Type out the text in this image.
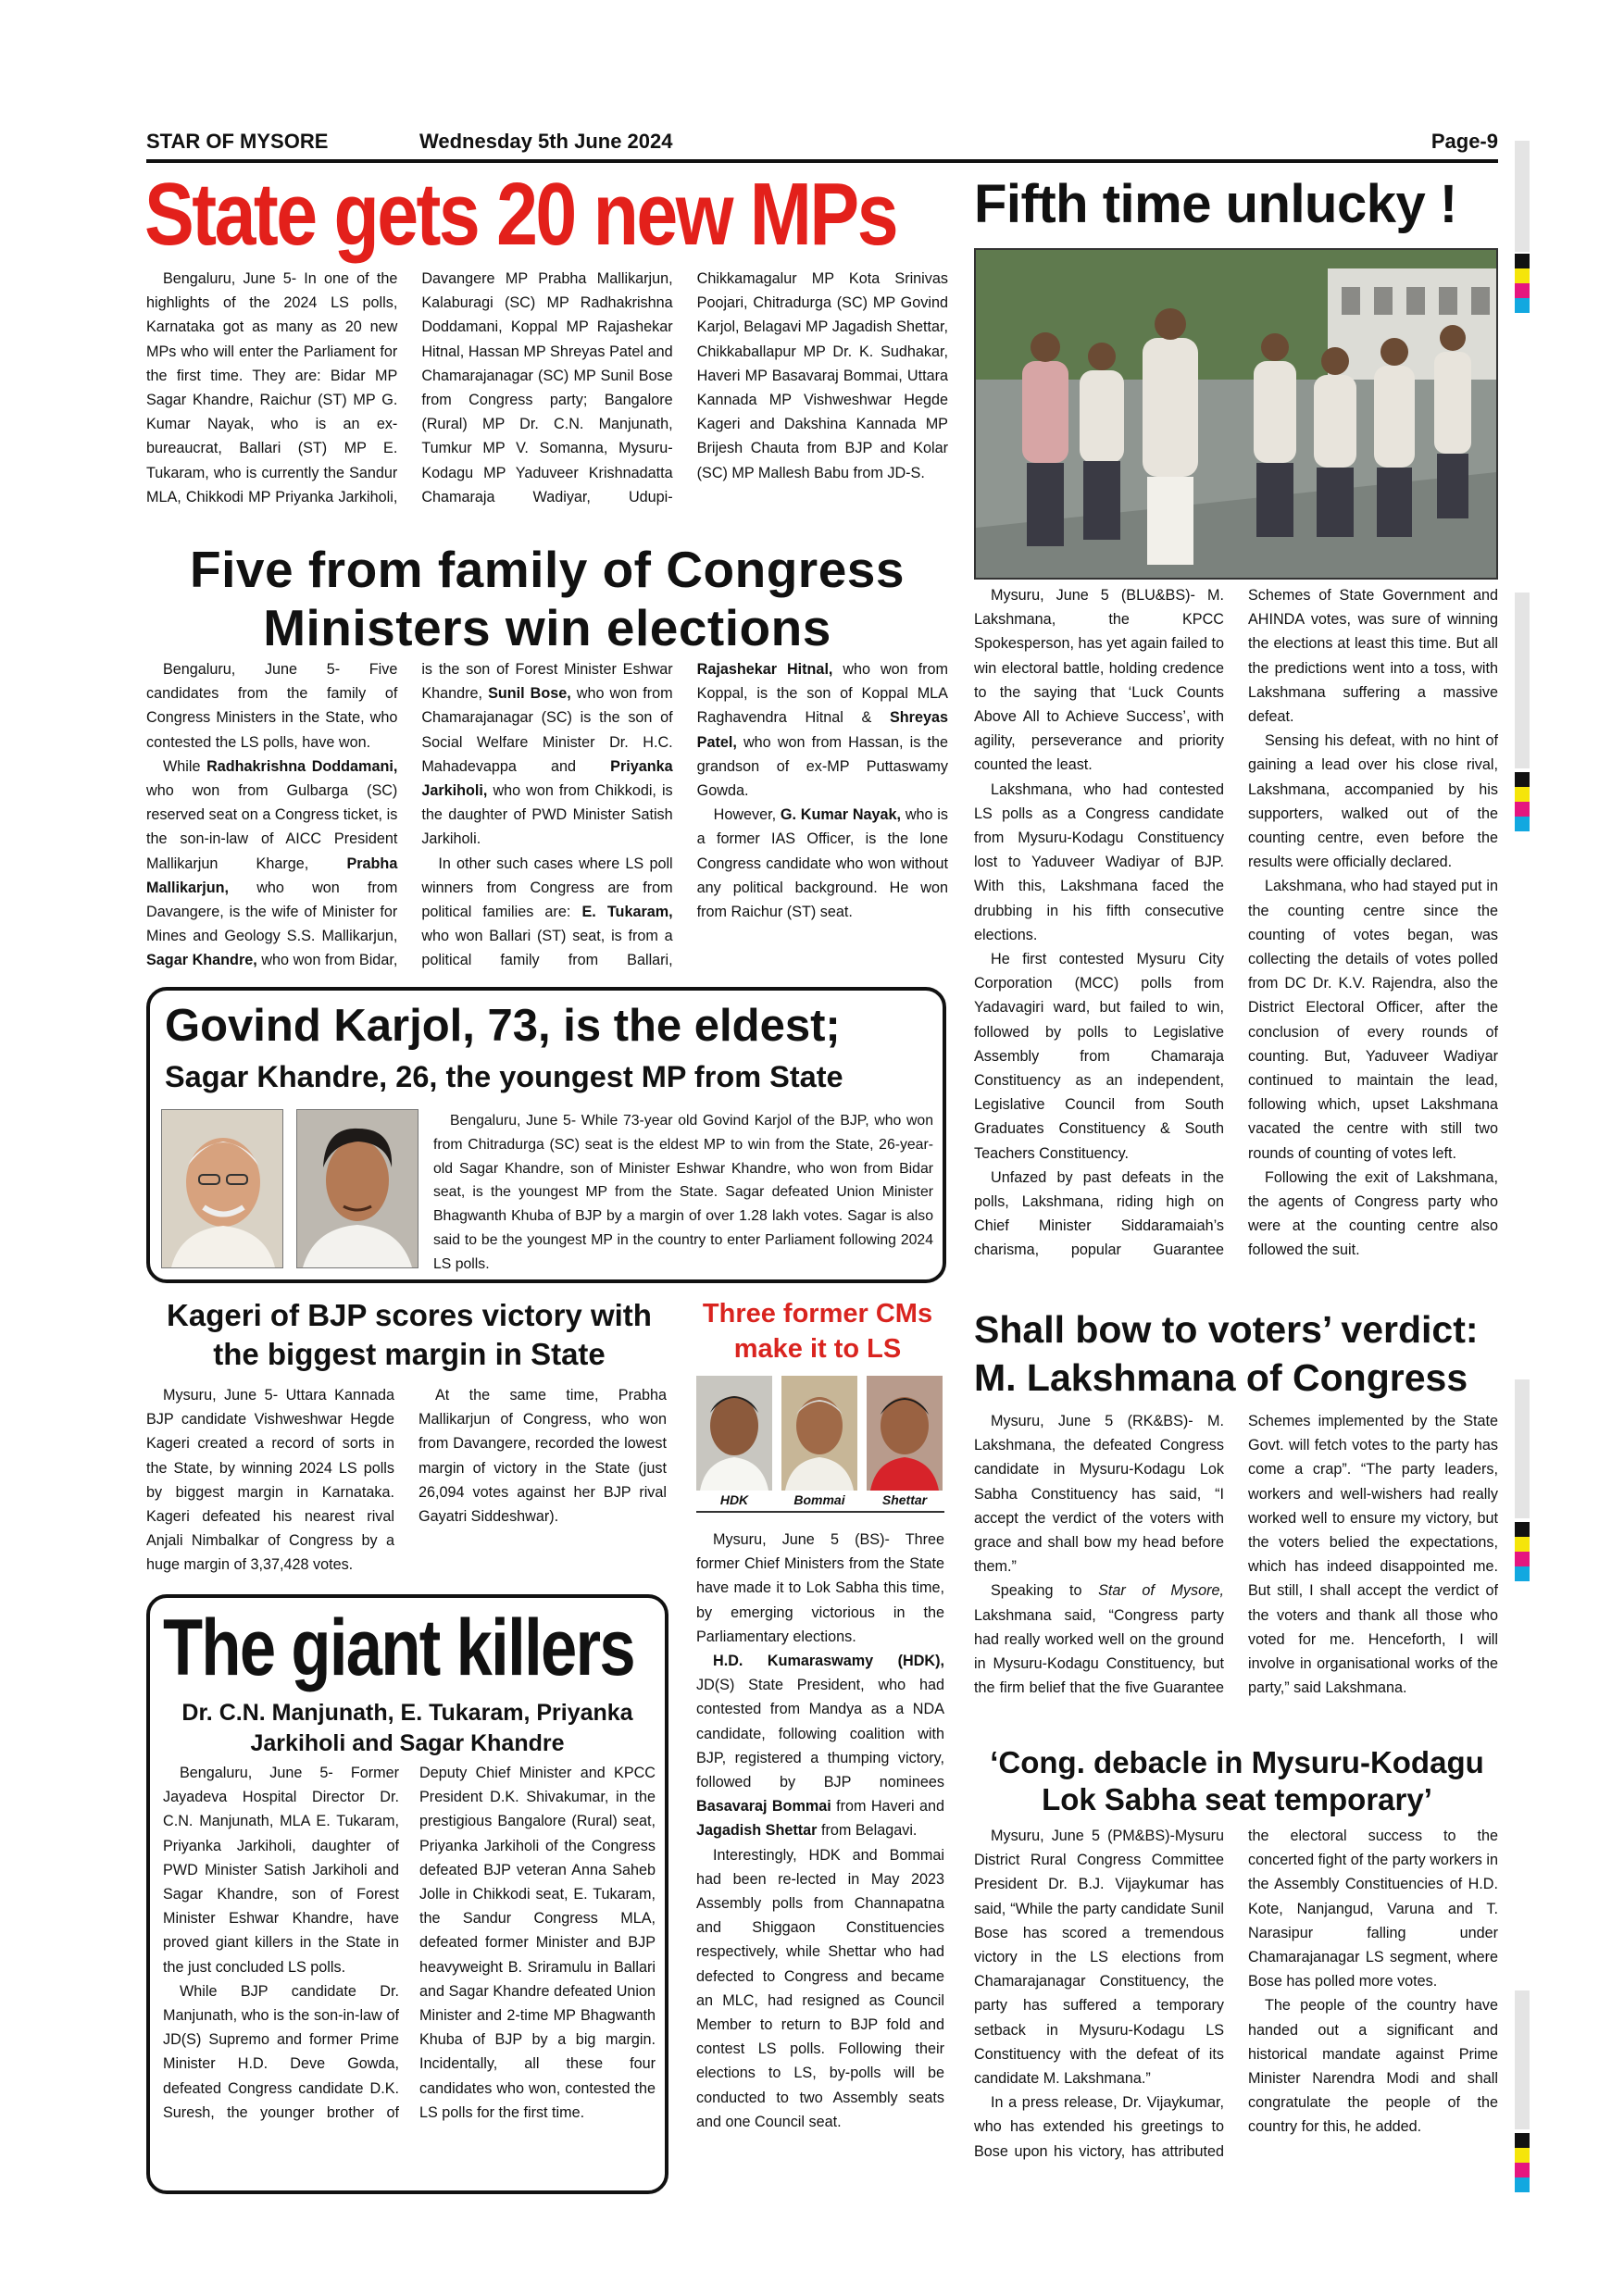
STAR OF MYSORE	Wednesday 5th June 2024	Page-9
State gets 20 new MPs

Bengaluru, June 5- In one of the highlights of the 2024 LS polls, Karnataka got as many as 20 new MPs who will enter the Parliament for the first time. They are: Bidar MP Sagar Khandre, Raichur (ST) MP G. Kumar Nayak, who is an ex-bureaucrat, Ballari (ST) MP E. Tukaram, who is currently the Sandur MLA, Chikkodi MP Priyanka Jarkiholi, Davangere MP Prabha Mallikarjun, Kalaburagi (SC) MP Radhakrishna Doddamani, Koppal MP Rajashekar Hitnal, Hassan MP Shreyas Patel and Chamarajanagar (SC) MP Sunil Bose from Congress party; Bangalore (Rural) MP Dr. C.N. Manjunath, Tumkur MP V. Somanna, Mysuru-Kodagu MP Yaduveer Krishnadatta Chamaraja Wadiyar, Udupi-Chikkamagalur MP Kota Srinivas Poojari, Chitradurga (SC) MP Govind Karjol, Belagavi MP Jagadish Shettar, Chikkaballapur MP Dr. K. Sudhakar, Haveri MP Basavaraj Bommai, Uttara Kannada MP Vishweshwar Hegde Kageri and Dakshina Kannada MP Brijesh Chauta from BJP and Kolar (SC) MP Mallesh Babu from JD-S.

Fifth time unlucky !

Mysuru, June 5 (BLU&BS)- M. Lakshmana, the KPCC Spokesperson, has yet again failed to win electoral battle, holding credence to the saying that ‘Luck Counts Above All to Achieve Success’, with agility, perseverance and priority counted the least.

Lakshmana, who had contested LS polls as a Congress candidate from Mysuru-Kodagu Constituency lost to Yaduveer Wadiyar of BJP. With this, Lakshmana faced the drubbing in his fifth consecutive elections.

He first contested Mysuru City Corporation (MCC) polls from Yadavagiri ward, but failed to win, followed by polls to Legislative Assembly from Chamaraja Constituency as an independent, Legislative Council from South Graduates Constituency & South Teachers Constituency.

Unfazed by past defeats in the polls, Lakshmana, riding high on Chief Minister Siddaramaiah’s charisma, popular Guarantee Schemes of State Government and AHINDA votes, was sure of winning the elections at least this time. But all the predictions went into a toss, with Lakshmana suffering a massive defeat.

Sensing his defeat, with no hint of gaining a lead over his close rival, Lakshmana, accompanied by his supporters, walked out of the counting centre, even before the results were officially declared.

Lakshmana, who had stayed put in the counting centre since the counting of votes began, was collecting the details of votes polled from DC Dr. K.V. Rajendra, also the District Electoral Officer, after the conclusion of every rounds of counting. But, Yaduveer Wadiyar continued to maintain the lead, following which, upset Lakshmana vacated the centre with still two rounds of counting of votes left.

Following the exit of Lakshmana, the agents of Congress party who were at the counting centre also followed the suit.

Five from family of Congress
Ministers win elections

Bengaluru, June 5- Five candidates from the family of Congress Ministers in the State, who contested the LS polls, have won.

While Radhakrishna Doddamani, who won from Gulbarga (SC) reserved seat on a Congress ticket, is the son-in-law of AICC President Mallikarjun Kharge, Prabha Mallikarjun, who won from Davangere, is the wife of Minister for Mines and Geology S.S. Mallikarjun, Sagar Khandre, who won from Bidar, is the son of Forest Minister Eshwar Khandre, Sunil Bose, who won from Chamarajanagar (SC) is the son of Social Welfare Minister Dr. H.C. Mahadevappa and Priyanka Jarkiholi, who won from Chikkodi, is the daughter of PWD Minister Satish Jarkiholi.

In other such cases where LS poll winners from Congress are from political families are: E. Tukaram, who won Ballari (ST) seat, is from a political family from Ballari, Rajashekar Hitnal, who won from Koppal, is the son of Koppal MLA Raghavendra Hitnal & Shreyas Patel, who won from Hassan, is the grandson of ex-MP Puttaswamy Gowda.

However, G. Kumar Nayak, who is a former IAS Officer, is the lone Congress candidate who won without any political background. He won from Raichur (ST) seat.

Govind Karjol, 73, is the eldest;
Sagar Khandre, 26, the youngest MP from State

Bengaluru, June 5- While 73-year old Govind Karjol of the BJP, who won from Chitradurga (SC) seat is the eldest MP to win from the State, 26-year-old Sagar Khandre, son of Minister Eshwar Khandre, who won from Bidar seat, is the youngest MP from the State. Sagar defeated Union Minister Bhagwanth Khuba of BJP by a margin of over 1.28 lakh votes. Sagar is also said to be the youngest MP in the country to enter Parliament following 2024 LS polls.

Kageri of BJP scores victory with
the biggest margin in State

Mysuru, June 5- Uttara Kannada BJP candidate Vishweshwar Hegde Kageri created a record of sorts in the State, by winning 2024 LS polls by biggest margin in Karnataka. Kageri defeated his nearest rival Anjali Nimbalkar of Congress by a huge margin of 3,37,428 votes.

At the same time, Prabha Mallikarjun of Congress, who won from Davangere, recorded the lowest margin of victory in the State (just 26,094 votes against her BJP rival Gayatri Siddeshwar).

Three former CMs
make it to LS
HDK	Bommai	Shettar

Mysuru, June 5 (BS)- Three former Chief Ministers from the State have made it to Lok Sabha this time, by emerging victorious in the Parliamentary elections.

H.D. Kumaraswamy (HDK), JD(S) State President, who had contested from Mandya as a NDA candidate, following coalition with BJP, registered a thumping victory, followed by BJP nominees Basavaraj Bommai from Haveri and Jagadish Shettar from Belagavi.

Interestingly, HDK and Bommai had been re-lected in May 2023 Assembly polls from Channapatna and Shiggaon Constituencies respectively, while Shettar who had defected to Congress and became an MLC, had resigned as Council Member to return to BJP fold and contest LS polls. Following their elections to LS, by-polls will be conducted to two Assembly seats and one Council seat.

The giant killers
Dr. C.N. Manjunath, E. Tukaram, Priyanka
Jarkiholi and Sagar Khandre

Bengaluru, June 5- Former Jayadeva Hospital Director Dr. C.N. Manjunath, MLA E. Tukaram, Priyanka Jarkiholi, daughter of PWD Minister Satish Jarkiholi and Sagar Khandre, son of Forest Minister Eshwar Khandre, have proved giant killers in the State in the just concluded LS polls.

While BJP candidate Dr. Manjunath, who is the son-in-law of JD(S) Supremo and former Prime Minister H.D. Deve Gowda, defeated Congress candidate D.K. Suresh, the younger brother of Deputy Chief Minister and KPCC President D.K. Shivakumar, in the prestigious Bangalore (Rural) seat, Priyanka Jarkiholi of the Congress defeated BJP veteran Anna Saheb Jolle in Chikkodi seat, E. Tukaram, the Sandur Congress MLA, defeated former Minister and BJP heavyweight B. Sriramulu in Ballari and Sagar Khandre defeated Union Minister and 2-time MP Bhagwanth Khuba of BJP by a big margin. Incidentally, all these four candidates who won, contested the LS polls for the first time.

Shall bow to voters’ verdict:
M. Lakshmana of Congress

Mysuru, June 5 (RK&BS)- M. Lakshmana, the defeated Congress candidate in Mysuru-Kodagu Lok Sabha Constituency has said, “I accept the verdict of the voters with grace and shall bow my head before them.”

Speaking to Star of Mysore, Lakshmana said, “Congress party had really worked well on the ground in Mysuru-Kodagu Constituency, but the firm belief that the five Guarantee Schemes implemented by the State Govt. will fetch votes to the party has come a crap”. “The party leaders, workers and well-wishers had really worked well to ensure my victory, but the voters belied the expectations, which has indeed disappointed me. But still, I shall accept the verdict of the voters and thank all those who voted for me. Henceforth, I will involve in organisational works of the party,” said Lakshmana.

‘Cong. debacle in Mysuru-Kodagu
Lok Sabha seat temporary’

Mysuru, June 5 (PM&BS)-Mysuru District Rural Congress Committee President Dr. B.J. Vijaykumar has said, “While the party candidate Sunil Bose has scored a tremendous victory in the LS elections from Chamarajanagar Constituency, the party has suffered a temporary setback in Mysuru-Kodagu LS Constituency with the defeat of its candidate M. Lakshmana.”

In a press release, Dr. Vijaykumar, who has extended his greetings to Bose upon his victory, has attributed the electoral success to the concerted fight of the party workers in the Assembly Constituencies of H.D. Kote, Nanjangud, Varuna and T. Narasipur falling under Chamarajanagar LS segment, where Bose has polled more votes.

The people of the country have handed out a significant and historical mandate against Prime Minister Narendra Modi and shall congratulate the people of the country for this, he added.
